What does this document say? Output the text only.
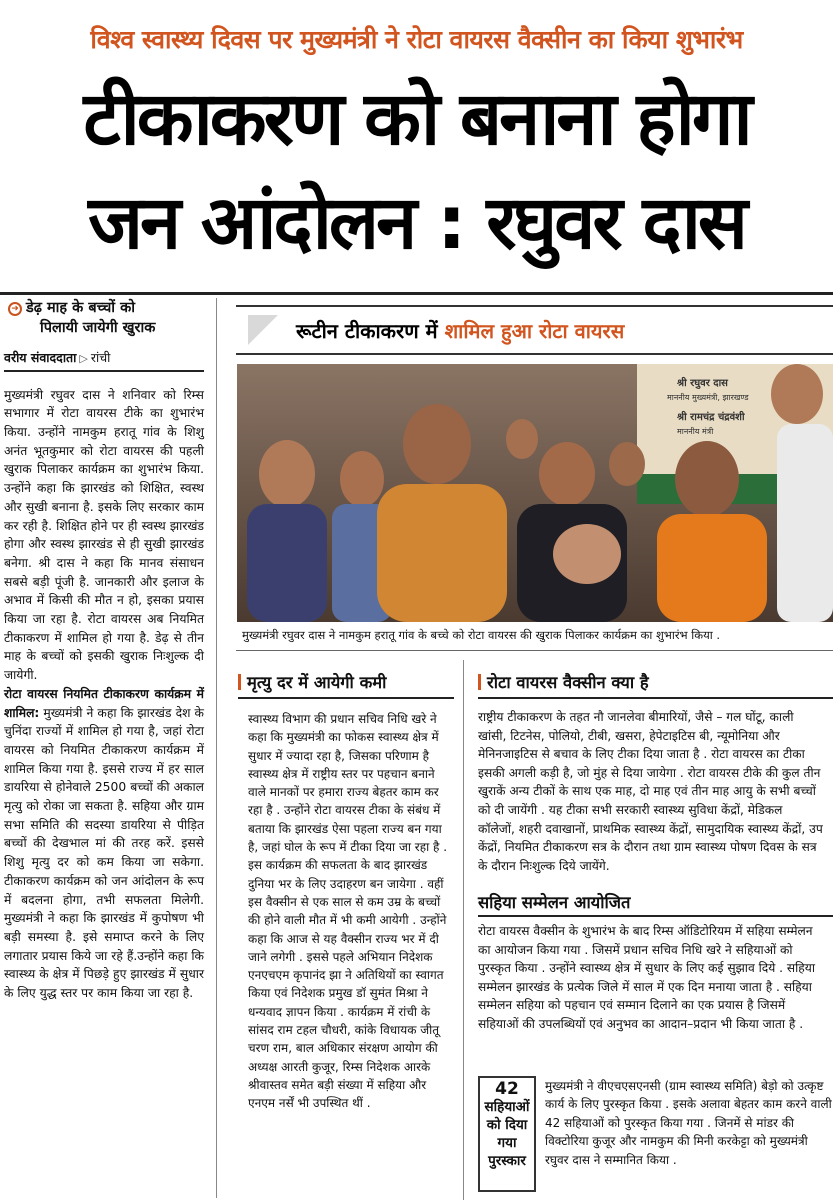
विश्व स्वास्थ्य दिवस पर मुख्यमंत्री ने रोटा वायरस वैक्सीन का किया शुभारंभ
टीकाकरण को बनाना होगा
जन आंदोलन : रघुवर दास
➜ डेढ़ माह के बच्चों को
पिलायी जायेगी खुराक
वरीय संवाददाता ▷ रांची

मुख्यमंत्री रघुवर दास ने शनिवार को रिम्स सभागार में रोटा वायरस टीके का शुभारंभ किया. उन्होंने नामकुम हरातू गांव के शिशु अनंत भूतकुमार को रोटा वायरस की पहली खुराक पिलाकर कार्यक्रम का शुभारंभ किया. उन्होंने कहा कि झारखंड को शिक्षित, स्वस्थ और सुखी बनाना है. इसके लिए सरकार काम कर रही है. शिक्षित होने पर ही स्वस्थ झारखंड होगा और स्वस्थ झारखंड से ही सुखी झारखंड बनेगा. श्री दास ने कहा कि मानव संसाधन सबसे बड़ी पूंजी है. जानकारी और इलाज के अभाव में किसी की मौत न हो, इसका प्रयास किया जा रहा है. रोटा वायरस अब नियमित टीकाकरण में शामिल हो गया है. डेढ़ से तीन माह के बच्चों को इसकी खुराक निःशुल्क दी जायेगी.

रोटा वायरस नियमित टीकाकरण कार्यक्रम में शामिल: मुख्यमंत्री ने कहा कि झारखंड देश के चुनिंदा राज्यों में शामिल हो गया है, जहां रोटा वायरस को नियमित टीकाकरण कार्यक्रम में शामिल किया गया है. इससे राज्य में हर साल डायरिया से होनेवाले 2500 बच्चों की अकाल मृत्यु को रोका जा सकता है. सहिया और ग्राम सभा समिति की सदस्या डायरिया से पीड़ित बच्चों की देखभाल मां की तरह करें. इससे शिशु मृत्यु दर को कम किया जा सकेगा. टीकाकरण कार्यक्रम को जन आंदोलन के रूप में बदलना होगा, तभी सफलता मिलेगी. मुख्यमंत्री ने कहा कि झारखंड में कुपोषण भी बड़ी समस्या है. इसे समाप्त करने के लिए लगातार प्रयास किये जा रहे हैं.उन्होंने कहा कि स्वास्थ्य के क्षेत्र में पिछड़े हुए झारखंड में सुधार के लिए युद्ध स्तर पर काम किया जा रहा है.

रूटीन टीकाकरण में शामिल हुआ रोटा वायरस
श्री रघुवर दास
माननीय मुख्यमंत्री, झारखण्ड
श्री रामचंद्र चंद्रवंशी
माननीय मंत्री
मुख्यमंत्री रघुवर दास ने नामकुम हरातू गांव के बच्चे को रोटा वायरस की खुराक पिलाकर कार्यक्रम का शुभारंभ किया .
मृत्यु दर में आयेगी कमी
स्वास्थ्य विभाग की प्रधान सचिव निधि खरे ने कहा कि मुख्यमंत्री का फोकस स्वास्थ्य क्षेत्र में सुधार में ज्यादा रहा है, जिसका परिणाम है स्वास्थ्य क्षेत्र में राष्ट्रीय स्तर पर पहचान बनाने वाले मानकों पर हमारा राज्य बेहतर काम कर रहा है . उन्होंने रोटा वायरस टीका के संबंध में बताया कि झारखंड ऐसा पहला राज्य बन गया है, जहां घोल के रूप में टीका दिया जा रहा है . इस कार्यक्रम की सफलता के बाद झारखंड दुनिया भर के लिए उदाहरण बन जायेगा . वहीं इस वैक्सीन से एक साल से कम उम्र के बच्चों की होने वाली मौत में भी कमी आयेगी . उन्होंने कहा कि आज से यह वैक्सीन राज्य भर में दी जाने लगेगी . इससे पहले अभियान निदेशक एनएचएम कृपानंद झा ने अतिथियों का स्वागत किया एवं निदेशक प्रमुख डॉ सुमंत मिश्रा ने धन्यवाद ज्ञापन किया . कार्यक्रम में रांची के सांसद राम टहल चौधरी, कांके विधायक जीतू चरण राम, बाल अधिकार संरक्षण आयोग की अध्यक्ष आरती कुजूर, रिम्स निदेशक आरके श्रीवास्तव समेत बड़ी संख्या में सहिया और एनएम नर्सें भी उपस्थित थीं .
रोटा वायरस वैक्सीन क्या है
राष्ट्रीय टीकाकरण के तहत नौ जानलेवा बीमारियों, जैसे – गल घोंटू, काली खांसी, टिटनेस, पोलियो, टीबी, खसरा, हेपेटाइटिस बी, न्यूमोनिया और मेनिनजाइटिस से बचाव के लिए टीका दिया जाता है . रोटा वायरस का टीका इसकी अगली कड़ी है, जो मुंह से दिया जायेगा . रोटा वायरस टीके की कुल तीन खुराकें अन्य टीकों के साथ एक माह, दो माह एवं तीन माह आयु के सभी बच्चों को दी जायेंगी . यह टीका सभी सरकारी स्वास्थ्य सुविधा केंद्रों, मेडिकल कॉलेजों, शहरी दवाखानों, प्राथमिक स्वास्थ्य केंद्रों, सामुदायिक स्वास्थ्य केंद्रों, उप केंद्रों, नियमित टीकाकरण सत्र के दौरान तथा ग्राम स्वास्थ्य पोषण दिवस के सत्र के दौरान निःशुल्क दिये जायेंगे.
सहिया सम्मेलन आयोजित
रोटा वायरस वैक्सीन के शुभारंभ के बाद रिम्स ऑडिटोरियम में सहिया सम्मेलन का आयोजन किया गया . जिसमें प्रधान सचिव निधि खरे ने सहियाओं को पुरस्कृत किया . उन्होंने स्वास्थ्य क्षेत्र में सुधार के लिए कई सुझाव दिये . सहिया सम्मेलन झारखंड के प्रत्येक जिले में साल में एक दिन मनाया जाता है . सहिया सम्मेलन सहिया को पहचान एवं सम्मान दिलाने का एक प्रयास है जिसमें सहियाओं की उपलब्धियों एवं अनुभव का आदान–प्रदान भी किया जाता है .
42
सहियाओं
को दिया
गया
पुरस्कार
मुख्यमंत्री ने वीएचएसएनसी (ग्राम स्वास्थ्य समिति) बेड़ो को उत्कृष्ट कार्य के लिए पुरस्कृत किया . इसके अलावा बेहतर काम करने वाली 42 सहियाओं को पुरस्कृत किया गया . जिनमें से मांडर की विक्टोरिया कुजूर और नामकुम की मिनी करकेट्टा को मुख्यमंत्री रघुवर दास ने सम्मानित किया .
